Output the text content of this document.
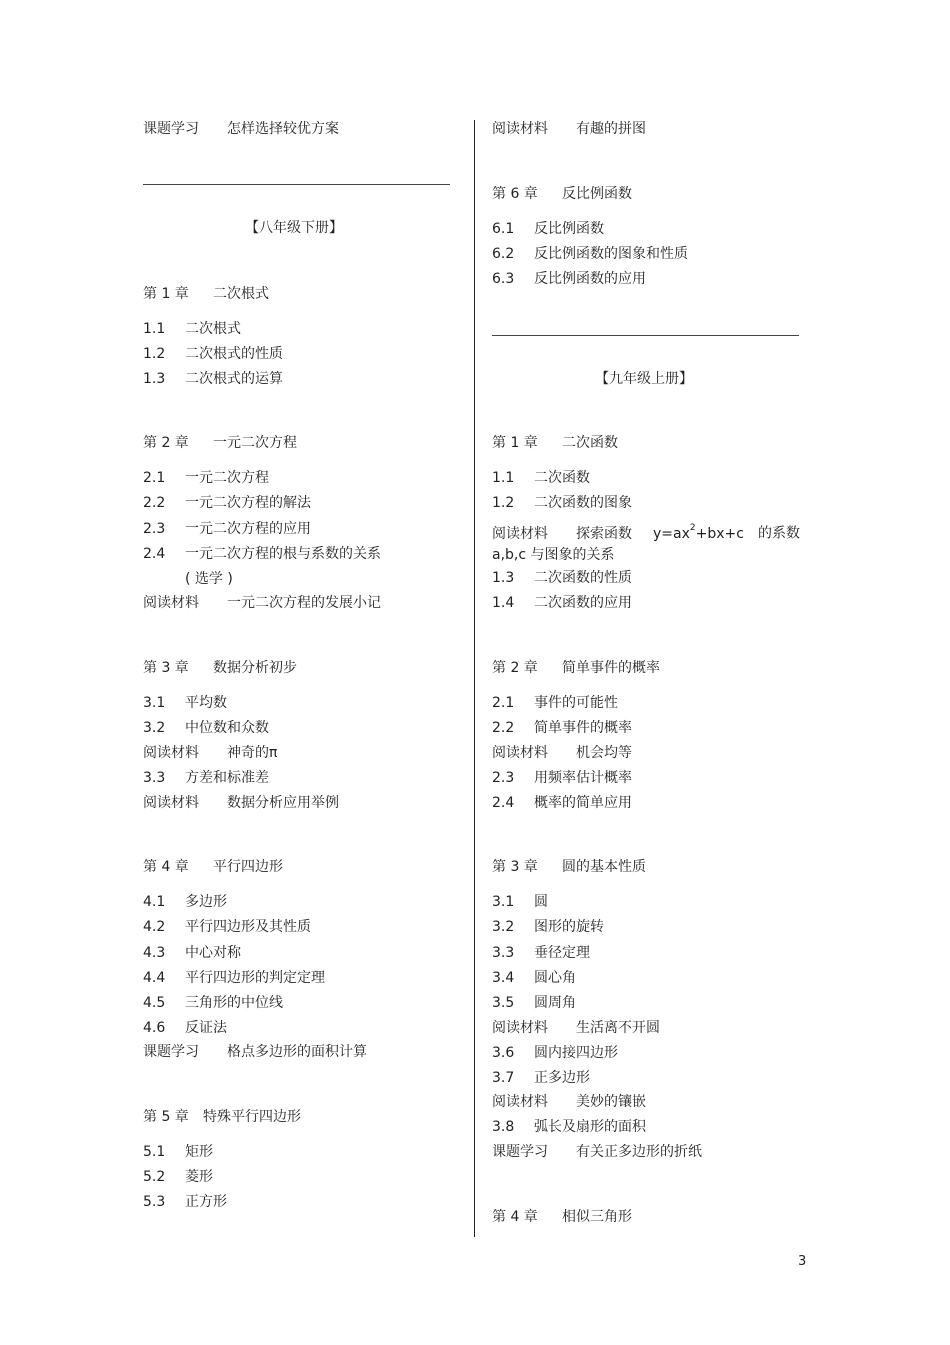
课题学习 怎样选择较优方案
【八年级下册】
第 1 章 二次根式
1.1 二次根式
1.2 二次根式的性质
1.3 二次根式的运算
第 2 章 一元二次方程
2.1 一元二次方程
2.2 一元二次方程的解法
2.3 一元二次方程的应用
2.4 一元二次方程的根与系数的关系
( 选学 )
阅读材料 一元二次方程的发展小记
第 3 章 数据分析初步
3.1 平均数
3.2 中位数和众数
阅读材料 神奇的π
3.3 方差和标准差
阅读材料 数据分析应用举例
第 4 章 平行四边形
4.1 多边形
4.2 平行四边形及其性质
4.3 中心对称
4.4 平行四边形的判定定理
4.5 三角形的中位线
4.6 反证法
课题学习 格点多边形的面积计算
第 5 章 特殊平行四边形
5.1 矩形
5.2 菱形
5.3 正方形
阅读材料 有趣的拼图
第 6 章 反比例函数
6.1 反比例函数
6.2 反比例函数的图象和性质
6.3 反比例函数的应用
【九年级上册】
第 1 章 二次函数
1.1 二次函数
1.2 二次函数的图象
阅读材料 探索函数 $y=ax^2+bx+c$ 的系数
a,b,c 与图象的关系
1.3 二次函数的性质
1.4 二次函数的应用
第 2 章 简单事件的概率
2.1 事件的可能性
2.2 简单事件的概率
阅读材料 机会均等
2.3 用频率估计概率
2.4 概率的简单应用
第 3 章 圆的基本性质
3.1 圆
3.2 图形的旋转
3.3 垂径定理
3.4 圆心角
3.5 圆周角
阅读材料 生活离不开圆
3.6 圆内接四边形
3.7 正多边形
阅读材料 美妙的镶嵌
3.8 弧长及扇形的面积
课题学习 有关正多边形的折纸
第 4 章 相似三角形
3
